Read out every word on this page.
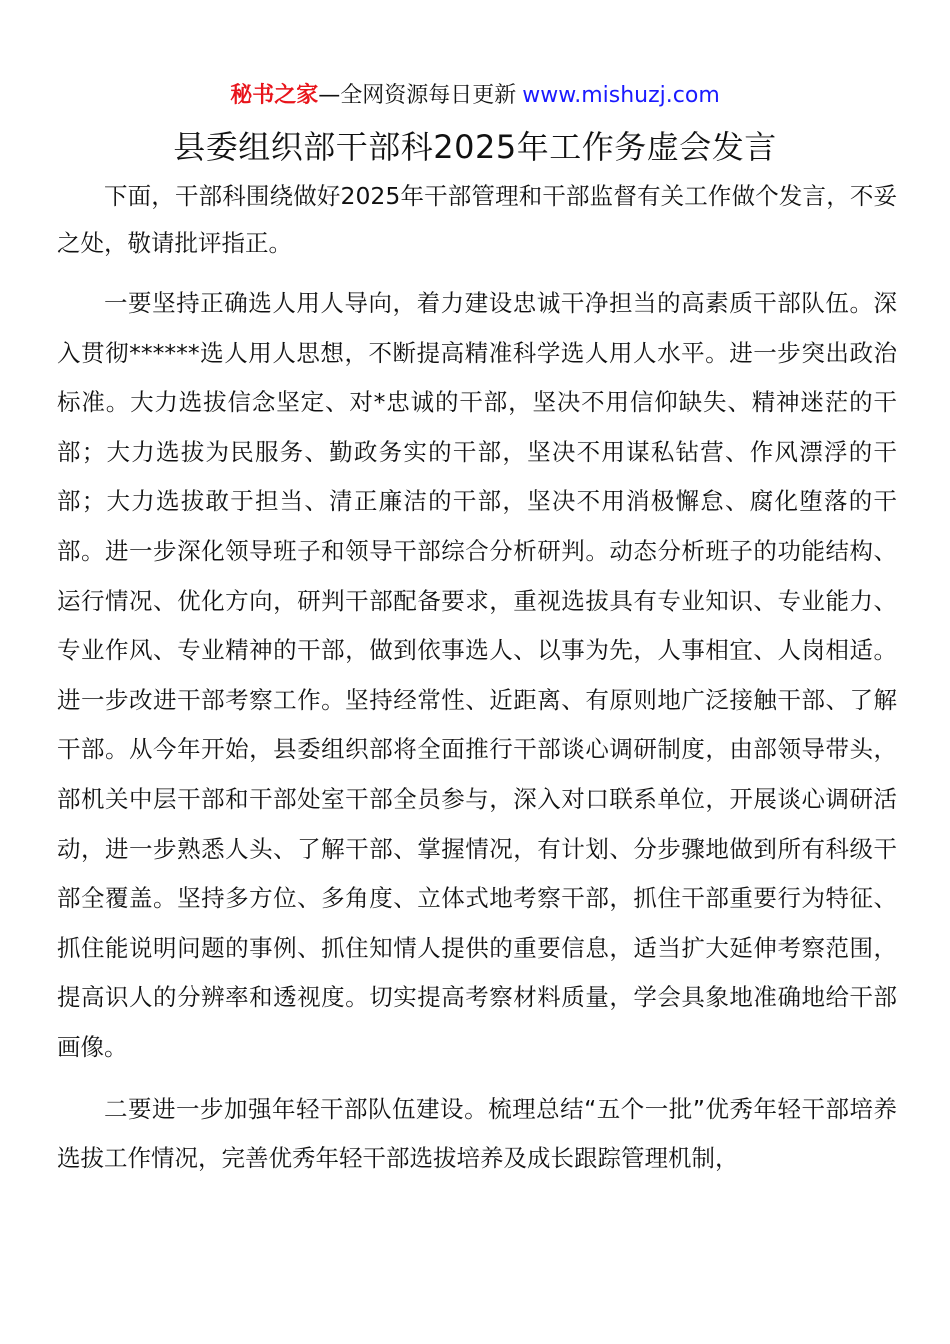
秘书之家—全网资源每日更新 www.mishuzj.com
县委组织部干部科2025年工作务虚会发言

下面，干部科围绕做好2025年干部管理和干部监督有关工作做个发言，不妥之处，敬请批评指正。

一要坚持正确选人用人导向，着力建设忠诚干净担当的高素质干部队伍。深入贯彻******选人用人思想，不断提高精准科学选人用人水平。进一步突出政治标准。大力选拔信念坚定、对*忠诚的干部，坚决不用信仰缺失、精神迷茫的干部；大力选拔为民服务、勤政务实的干部，坚决不用谋私钻营、作风漂浮的干部；大力选拔敢于担当、清正廉洁的干部，坚决不用消极懈怠、腐化堕落的干部。进一步深化领导班子和领导干部综合分析研判。动态分析班子的功能结构、运行情况、优化方向，研判干部配备要求，重视选拔具有专业知识、专业能力、专业作风、专业精神的干部，做到依事选人、以事为先，人事相宜、人岗相适。进一步改进干部考察工作。坚持经常性、近距离、有原则地广泛接触干部、了解干部。从今年开始，县委组织部将全面推行干部谈心调研制度，由部领导带头，部机关中层干部和干部处室干部全员参与，深入对口联系单位，开展谈心调研活动，进一步熟悉人头、了解干部、掌握情况，有计划、分步骤地做到所有科级干部全覆盖。坚持多方位、多角度、立体式地考察干部，抓住干部重要行为特征、抓住能说明问题的事例、抓住知情人提供的重要信息，适当扩大延伸考察范围，提高识人的分辨率和透视度。切实提高考察材料质量，学会具象地准确地给干部画像。

二要进一步加强年轻干部队伍建设。梳理总结“五个一批”优秀年轻干部培养选拔工作情况，完善优秀年轻干部选拔培养及成长跟踪管理机制，
